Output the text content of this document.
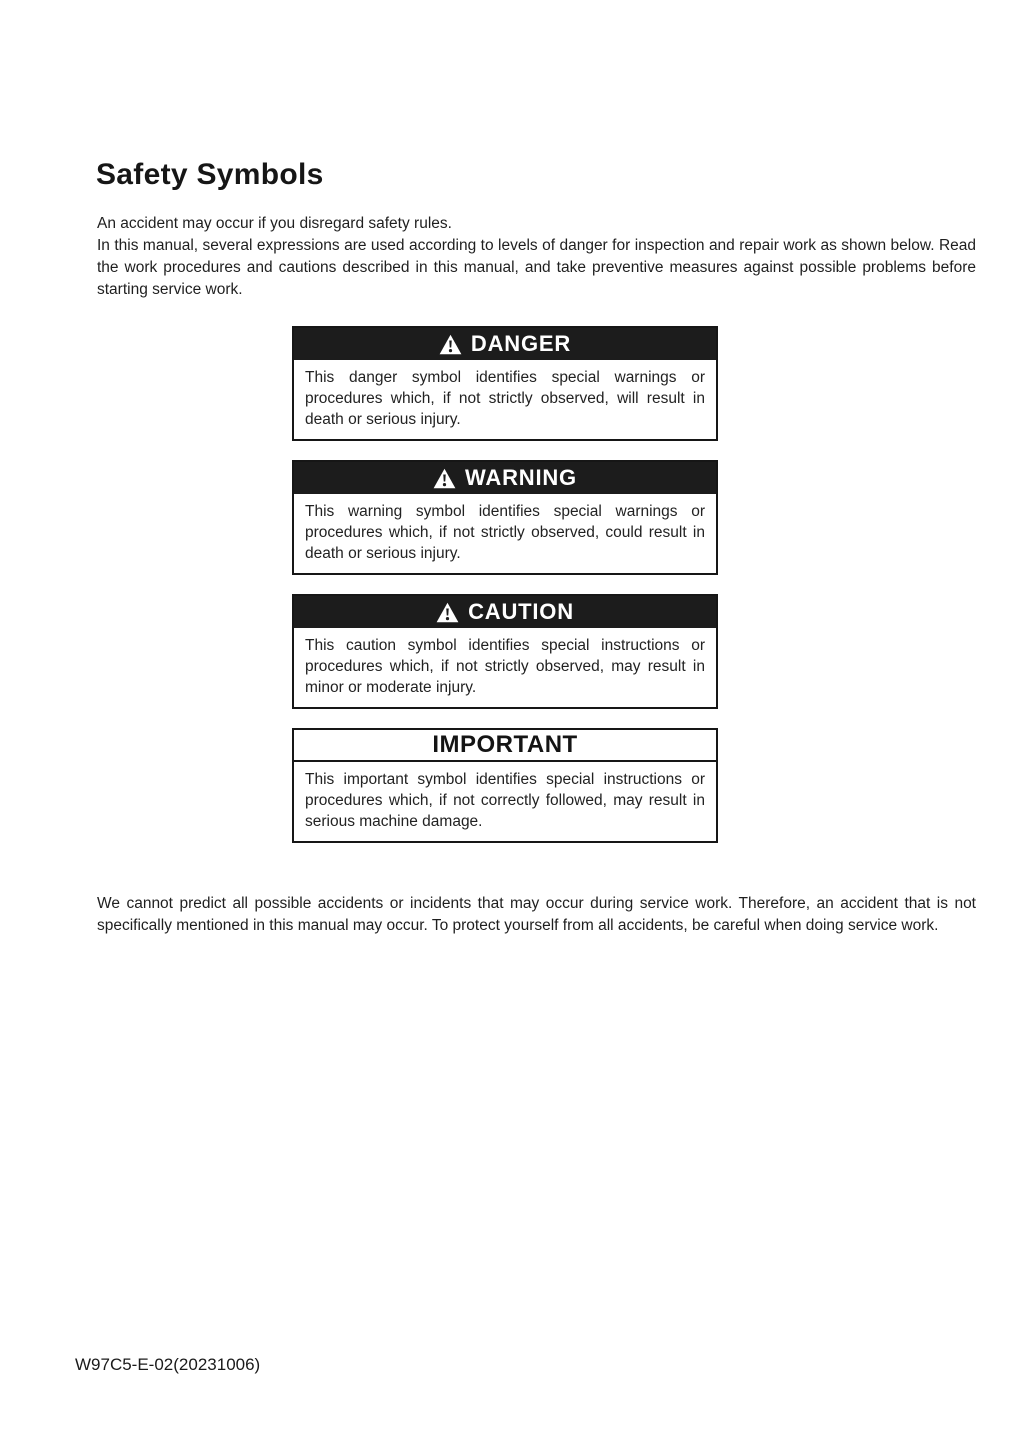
Safety Symbols
An accident may occur if you disregard safety rules.
In this manual, several expressions are used according to levels of danger for inspection and repair work as shown below. Read the work procedures and cautions described in this manual, and take preventive measures against possible problems before starting service work.
DANGER
This danger symbol identifies special warnings or procedures which, if not strictly observed, will result in death or serious injury.
WARNING
This warning symbol identifies special warnings or procedures which, if not strictly observed, could result in death or serious injury.
CAUTION
This caution symbol identifies special instructions or procedures which, if not strictly observed, may result in minor or moderate injury.
IMPORTANT
This important symbol identifies special instructions or procedures which, if not correctly followed, may result in serious machine damage.
We cannot predict all possible accidents or incidents that may occur during service work. Therefore, an accident that is not specifically mentioned in this manual may occur. To protect yourself from all accidents, be careful when doing service work.
W97C5-E-02(20231006)
